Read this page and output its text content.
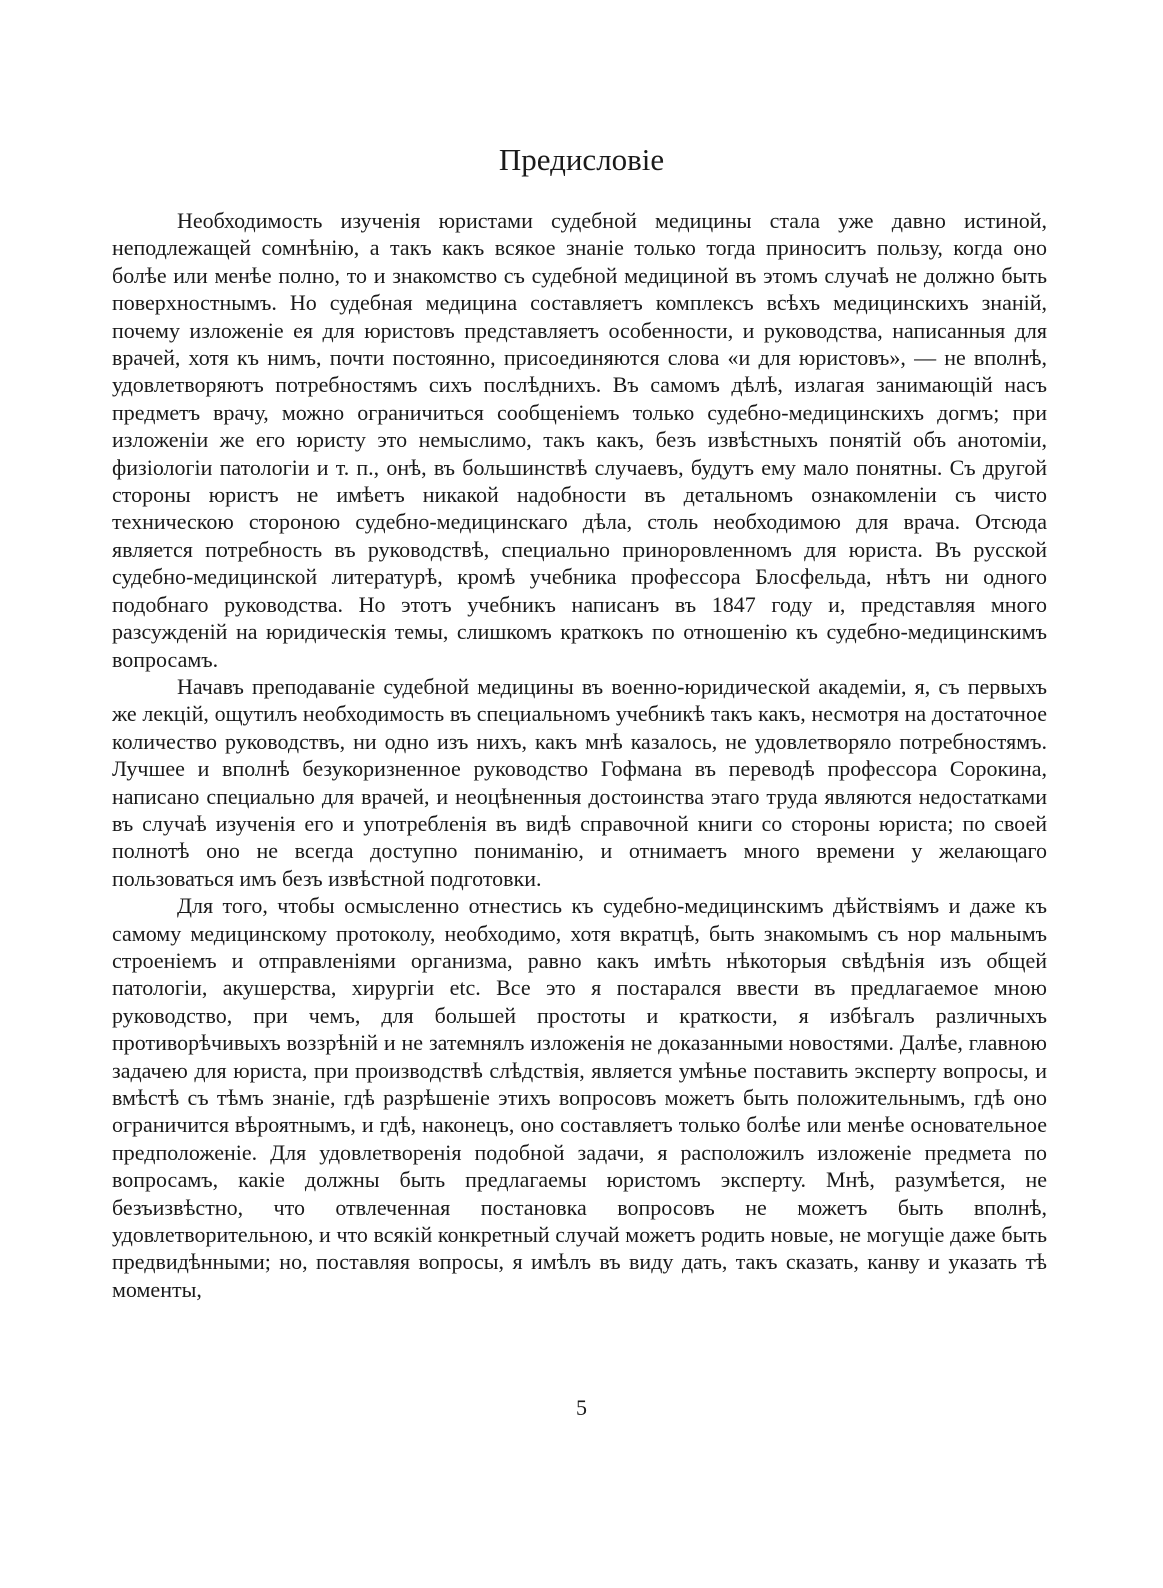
Предисловiе

Необходимость изученiя юристами судебной медицины стала уже давно истиной, неподлежащей сомнѣнiю, а такъ какъ всякое знанiе только тогда приноситъ пользу, когда оно болѣе или менѣе полно, то и знакомство съ судебной медициной въ этомъ случаѣ не должно быть поверхностнымъ. Но судебная медицина составляетъ комплексъ всѣхъ медицинскихъ знанiй, почему изложенiе ея для юристовъ представляетъ особенности, и руководства, написанныя для врачей, хотя къ нимъ, почти постоянно, присоединяются слова «и для юристовъ», — не вполнѣ, удовлетворяютъ потребностямъ сихъ послѣднихъ. Въ самомъ дѣлѣ, излагая занимающiй насъ предметъ врачу, можно ограничиться сообщенiемъ только судебно-медицинскихъ догмъ; при изложенiи же его юристу это немыслимо, такъ какъ, безъ извѣстныхъ понятiй объ анотомiи, физiологiи патологiи и т. п., онѣ, въ большинствѣ случаевъ, будутъ ему мало понятны. Съ другой стороны юристъ не имѣетъ никакой надобности въ детальномъ ознакомленiи съ чисто техническою стороною судебно-медицинскаго дѣла, столь необходимою для врача. Отсюда является потребность въ руководствѣ, специально приноровленномъ для юриста. Въ русской судебно-медицинской литературѣ, кромѣ учебника профессора Блосфельда, нѣтъ ни одного подобнаго руководства. Но этотъ учебникъ написанъ въ 1847 году и, представляя много разсужденiй на юридическiя темы, слишкомъ краткокъ по отношенiю къ судебно-медицинскимъ вопросамъ.

Начавъ преподаванiе судебной медицины въ военно-юридической академiи, я, съ первыхъ же лекцiй, ощутилъ необходимость въ специальномъ учебникѣ такъ какъ, несмотря на достаточное количество руководствъ, ни одно изъ нихъ, какъ мнѣ казалось, не удовлетворяло потребностямъ. Лучшее и вполнѣ безукоризненное руководство Гофмана въ переводѣ профессора Сорокина, написано специально для врачей, и неоцѣненныя достоинства этаго труда являются недостатками въ случаѣ изученiя его и употребленiя въ видѣ справочной книги со стороны юриста; по своей полнотѣ оно не всегда доступно пониманiю, и отнимаетъ много времени у желающаго пользоваться имъ безъ извѣстной подготовки.

Для того, чтобы осмысленно отнестись къ судебно-медицинскимъ дѣйствiямъ и даже къ самому медицинскому протоколу, необходимо, хотя вкратцѣ, быть знакомымъ съ нор мальнымъ строенiемъ и отправленiями организма, равно какъ имѣть нѣкоторыя свѣдѣнiя изъ общей патологiи, акушерства, хирургiи etc. Все это я постарался ввести въ предлагаемое мною руководство, при чемъ, для большей простоты и краткости, я избѣгалъ различныхъ противорѣчивыхъ воззрѣнiй и не затемнялъ изложенiя не доказанными новостями. Далѣе, главною задачею для юриста, при производствѣ слѣдствiя, является умѣнье поставить эксперту вопросы, и вмѣстѣ съ тѣмъ знанiе, гдѣ разрѣшенiе этихъ вопросовъ можетъ быть положительнымъ, гдѣ оно ограничится вѣроятнымъ, и гдѣ, наконецъ, оно составляетъ только болѣе или менѣе основательное предположенiе. Для удовлетворенiя подобной задачи, я расположилъ изложенiе предмета по вопросамъ, какiе должны быть предлагаемы юристомъ эксперту. Мнѣ, разумѣется, не безъизвѣстно, что отвлеченная постановка вопросовъ не можетъ быть вполнѣ, удовлетворительною, и что всякiй конкретный случай можетъ родить новые, не могущiе даже быть предвидѣнными; но, поставляя вопросы, я имѣлъ въ виду дать, такъ сказать, канву и указать тѣ моменты,

5
